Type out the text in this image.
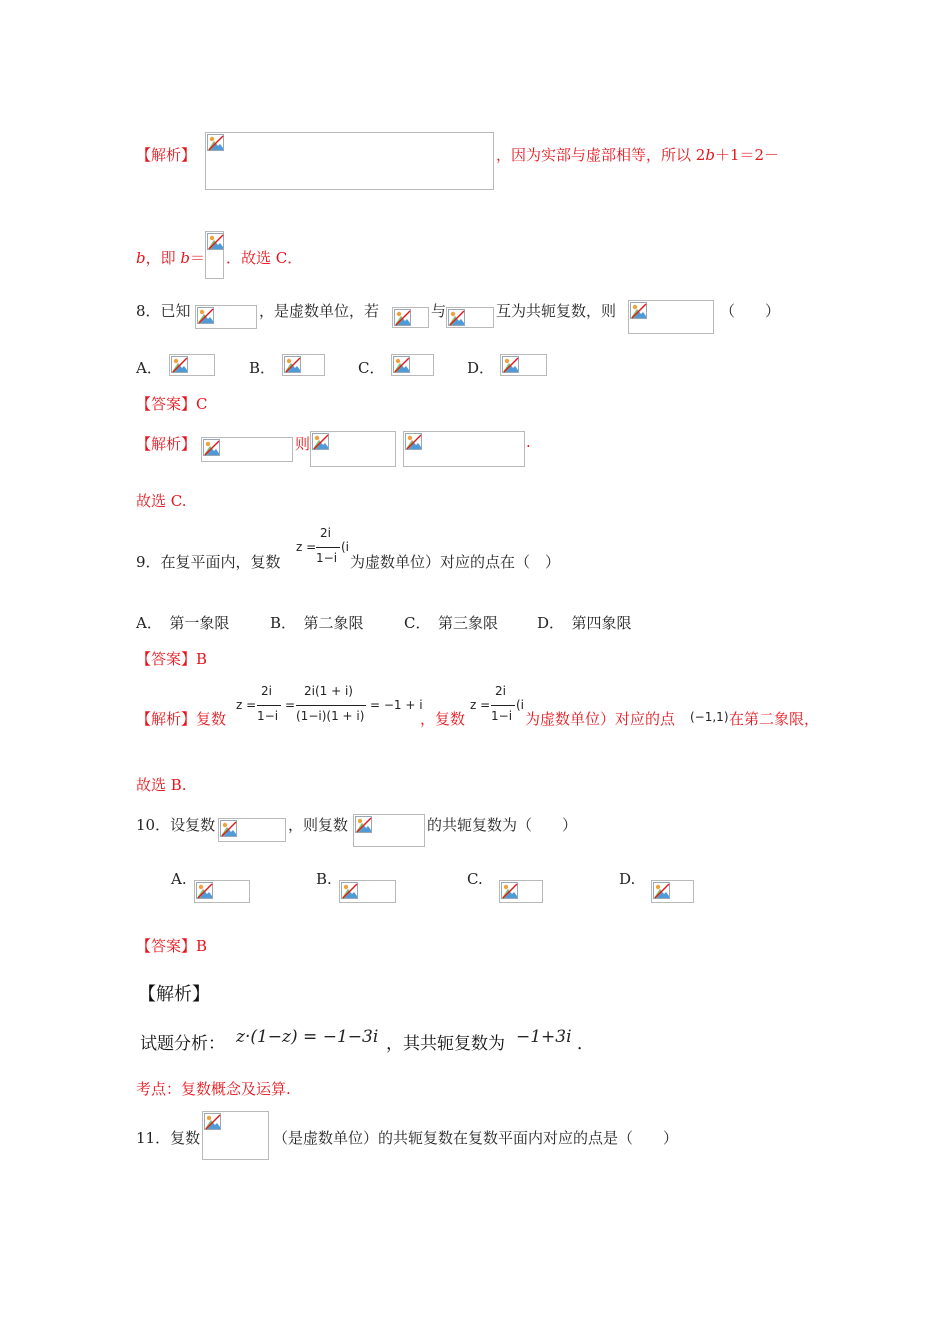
【解析】	，因为实部与虚部相等，所以 2b＋1＝2－
b，即 b＝ ．故选 C．
8．已知	，是虚数单位，若	与	互为共轭复数，则	（　　）
A．	B．	C．	D．
【答案】C
【解析】	则	.
故选 C.
9．在复平面内，复数
z =
2i
1−i
(i
为虚数单位）对应的点在（　）
A．　第一象限	B．　第二象限	C．　第三象限	D．　第四象限
【答案】B
【解析】复数
z =
2i
1−i
=
2i(1 + i)
(1−i)(1 + i)
= −1 + i
，复数
z =
2i
1−i
(i
为虚数单位）对应的点 (−1,1) 在第二象限，
故选 B.
10．设复数	，则复数	的共轭复数为（　　）
A.	B.	C.	D.
【答案】B
【解析】
试题分析： z·(1−z) = −1−3i ，其共轭复数为 −1+3i ．
考点：复数概念及运算.
11．复数	（是虚数单位）的共轭复数在复数平面内对应的点是（　　）
